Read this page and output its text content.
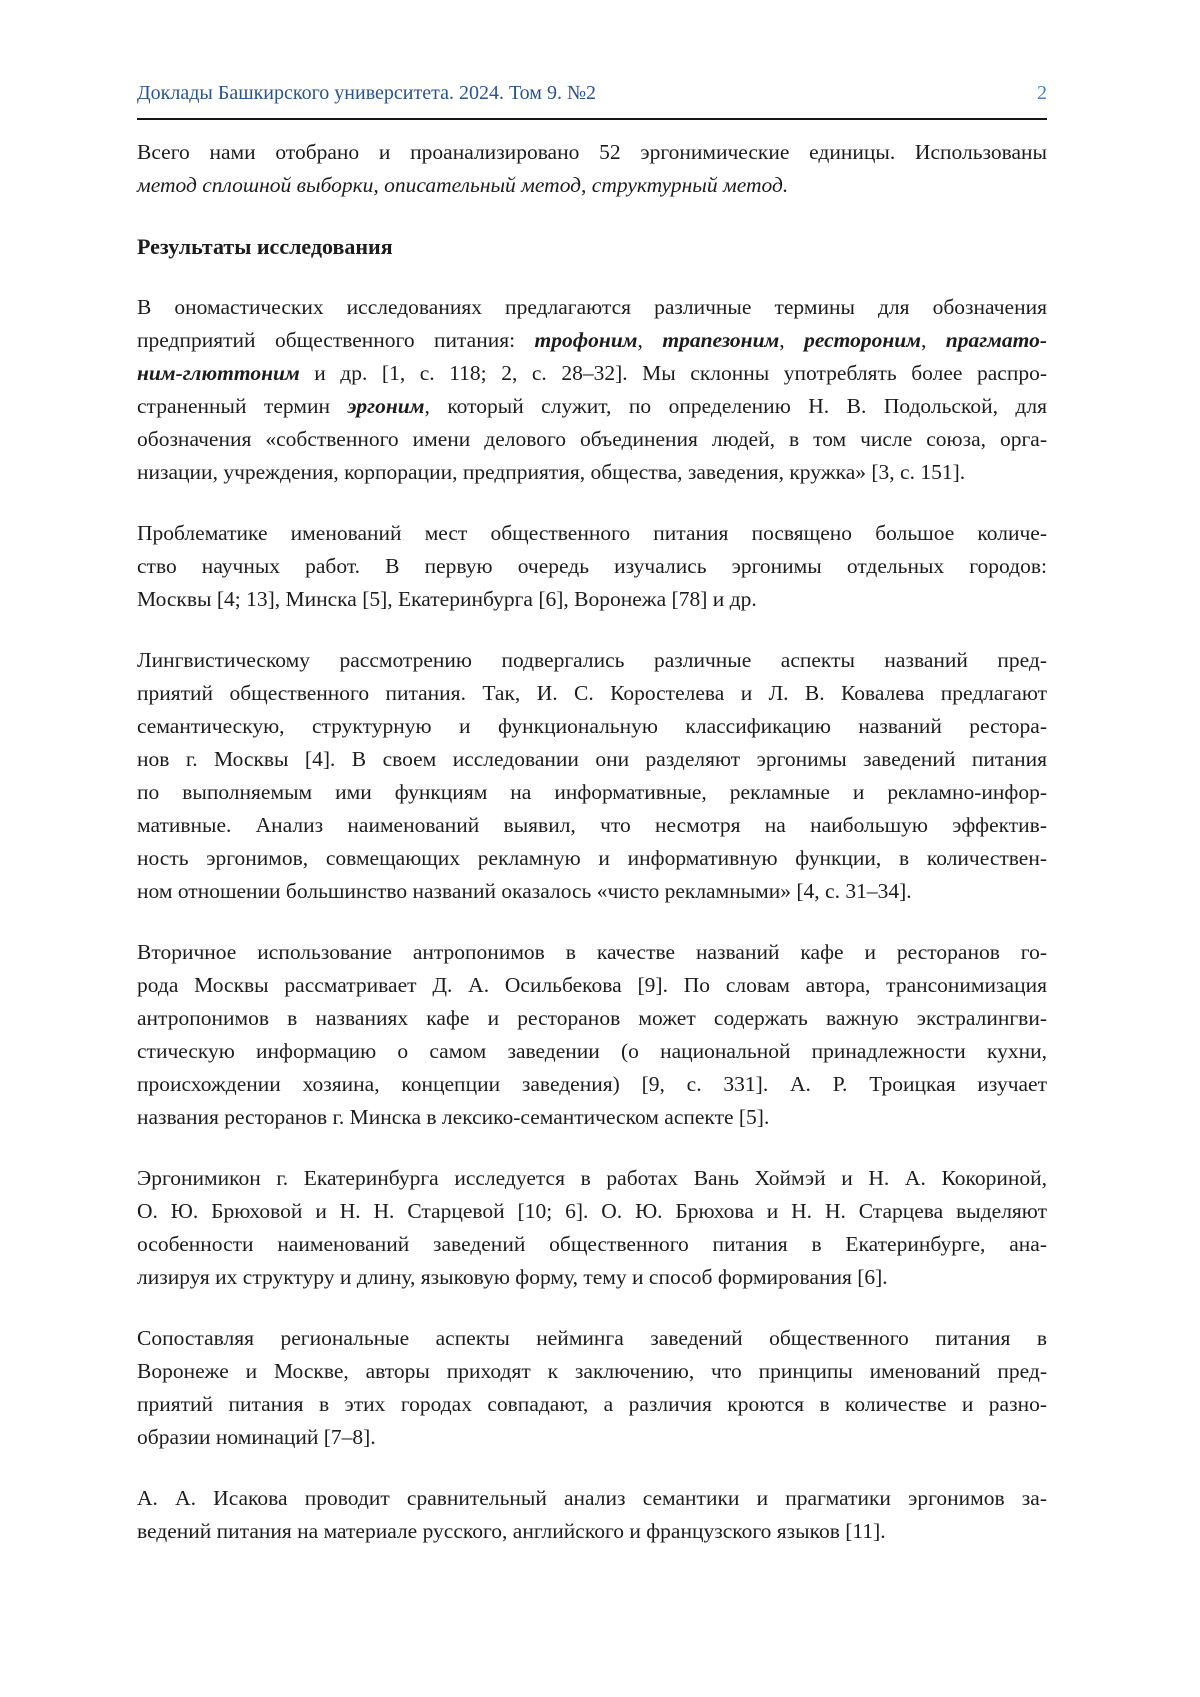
Доклады Башкирского университета. 2024. Том 9. №2	2
Всего нами отобрано и проанализировано 52 эргонимические единицы. Использованы
метод сплошной выборки, описательный метод, структурный метод.
Результаты исследования
В ономастических исследованиях предлагаются различные термины для обозначения
предприятий общественного питания: трофоним, трапезоним, рестороним, прагмато-
ним-глюттоним и др. [1, с. 118; 2, с. 28–32]. Мы склонны употреблять более распро-
страненный термин эргоним, который служит, по определению Н. В. Подольской, для
обозначения «собственного имени делового объединения людей, в том числе союза, орга-
низации, учреждения, корпорации, предприятия, общества, заведения, кружка» [3, с. 151].
Проблематике именований мест общественного питания посвящено большое количе-
ство научных работ. В первую очередь изучались эргонимы отдельных городов:
Москвы [4; 13], Минска [5], Екатеринбурга [6], Воронежа [78] и др.
Лингвистическому рассмотрению подвергались различные аспекты названий пред-
приятий общественного питания. Так, И. С. Коростелева и Л. В. Ковалева предлагают
семантическую, структурную и функциональную классификацию названий рестора-
нов г. Москвы [4]. В своем исследовании они разделяют эргонимы заведений питания
по выполняемым ими функциям на информативные, рекламные и рекламно-инфор-
мативные. Анализ наименований выявил, что несмотря на наибольшую эффектив-
ность эргонимов, совмещающих рекламную и информативную функции, в количествен-
ном отношении большинство названий оказалось «чисто рекламными» [4, с. 31–34].
Вторичное использование антропонимов в качестве названий кафе и ресторанов го-
рода Москвы рассматривает Д. А. Осильбекова [9]. По словам автора, трансонимизация
антропонимов в названиях кафе и ресторанов может содержать важную экстралингви-
стическую информацию о самом заведении (о национальной принадлежности кухни,
происхождении хозяина, концепции заведения) [9, с. 331]. А. Р. Троицкая изучает
названия ресторанов г. Минска в лексико-семантическом аспекте [5].
Эргонимикон г. Екатеринбурга исследуется в работах Вань Хоймэй и Н. А. Кокориной,
О. Ю. Брюховой и Н. Н. Старцевой [10; 6]. О. Ю. Брюхова и Н. Н. Старцева выделяют
особенности наименований заведений общественного питания в Екатеринбурге, ана-
лизируя их структуру и длину, языковую форму, тему и способ формирования [6].
Сопоставляя региональные аспекты нейминга заведений общественного питания в
Воронеже и Москве, авторы приходят к заключению, что принципы именований пред-
приятий питания в этих городах совпадают, а различия кроются в количестве и разно-
образии номинаций [7–8].
А. А. Исакова проводит сравнительный анализ семантики и прагматики эргонимов за-
ведений питания на материале русского, английского и французского языков [11].
